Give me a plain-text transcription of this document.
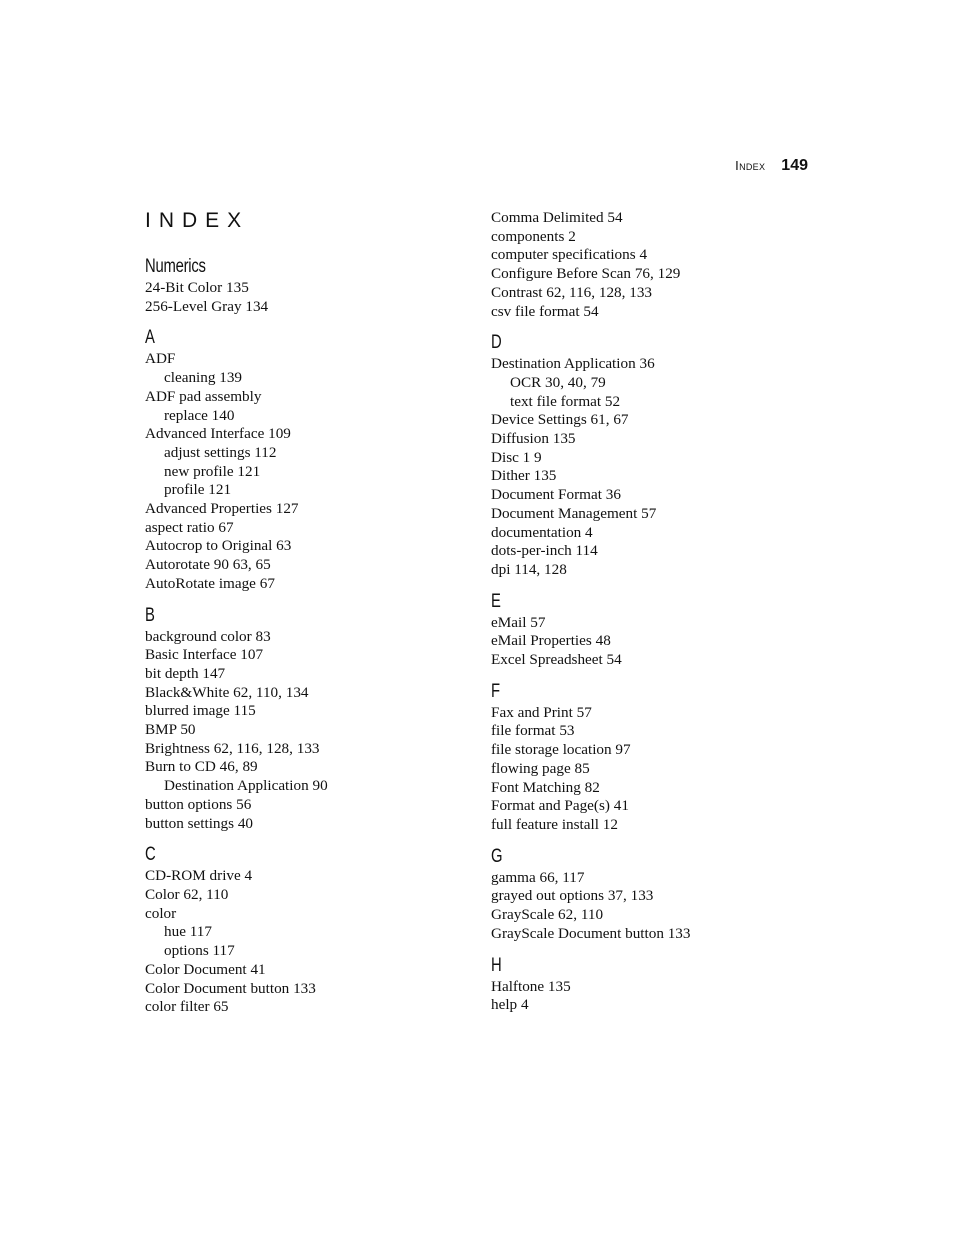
Index 149
INDEX
Numerics
24-Bit Color 135
256-Level Gray 134
A
ADF
cleaning 139
ADF pad assembly
replace 140
Advanced Interface 109
adjust settings 112
new profile 121
profile 121
Advanced Properties 127
aspect ratio 67
Autocrop to Original 63
Autorotate 90 63, 65
AutoRotate image 67
B
background color 83
Basic Interface 107
bit depth 147
Black&White 62, 110, 134
blurred image 115
BMP 50
Brightness 62, 116, 128, 133
Burn to CD 46, 89
Destination Application 90
button options 56
button settings 40
C
CD-ROM drive 4
Color 62, 110
color
hue 117
options 117
Color Document 41
Color Document button 133
color filter 65
Comma Delimited 54
components 2
computer specifications 4
Configure Before Scan 76, 129
Contrast 62, 116, 128, 133
csv file format 54
D
Destination Application 36
OCR 30, 40, 79
text file format 52
Device Settings 61, 67
Diffusion 135
Disc 1 9
Dither 135
Document Format 36
Document Management 57
documentation 4
dots-per-inch 114
dpi 114, 128
E
eMail 57
eMail Properties 48
Excel Spreadsheet 54
F
Fax and Print 57
file format 53
file storage location 97
flowing page 85
Font Matching 82
Format and Page(s) 41
full feature install 12
G
gamma 66, 117
grayed out options 37, 133
GrayScale 62, 110
GrayScale Document button 133
H
Halftone 135
help 4
